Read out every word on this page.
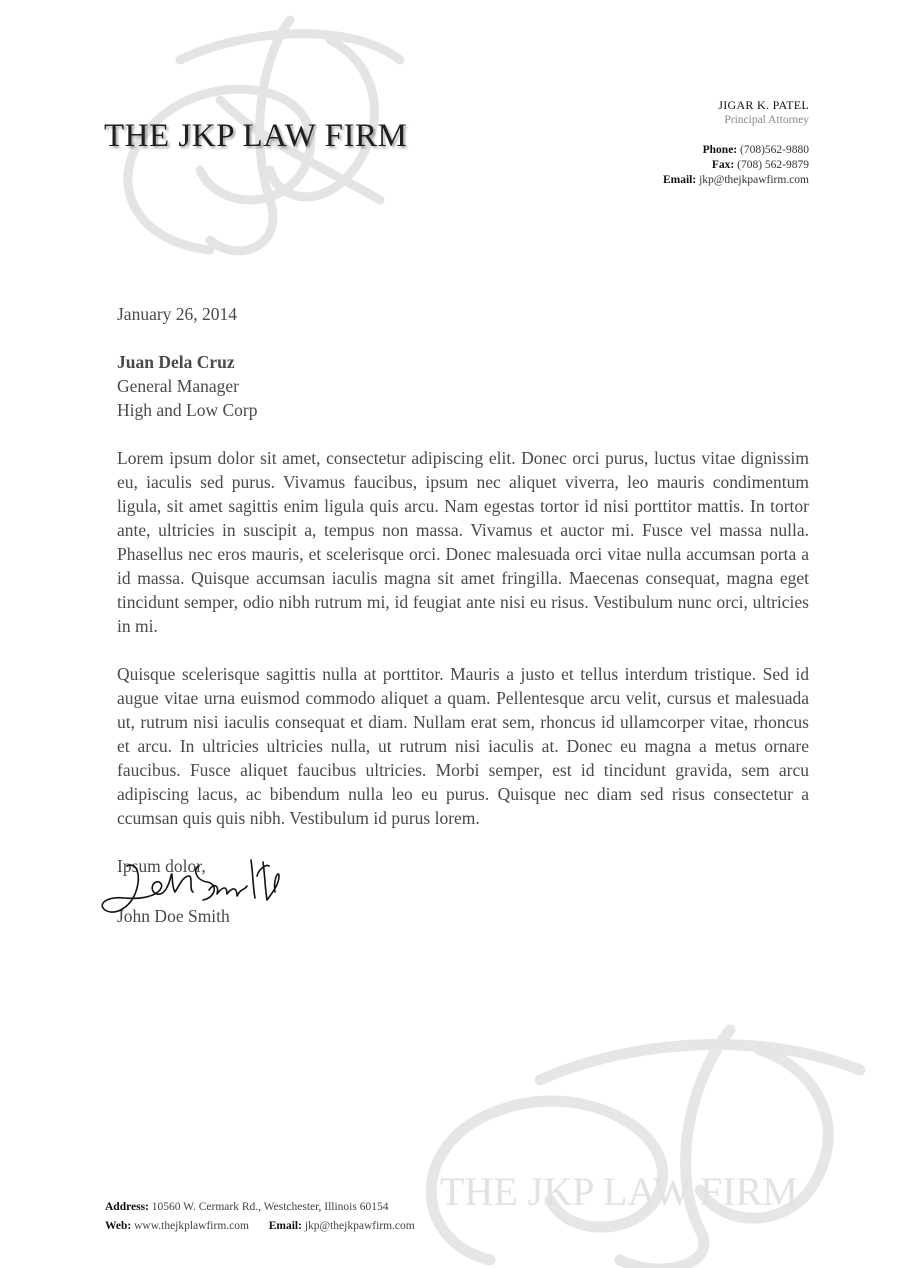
THE JKP LAW FIRM
THE JKP LAW FIRM
JIGAR K. PATEL
Principal Attorney
Phone: (708)562-9880
Fax: (708) 562-9879
Email: jkp@thejkpawfirm.com
January 26, 2014
Juan Dela Cruz
General Manager
High and Low Corp

Lorem ipsum dolor sit amet, consectetur adipiscing elit. Donec orci purus, luctus vitae dignissim eu, iaculis sed purus. Vivamus faucibus, ipsum nec aliquet viverra, leo mauris condimentum ligula, sit amet sagittis enim ligula quis arcu. Nam egestas tortor id nisi porttitor mattis. In tortor ante, ultricies in suscipit a, tempus non massa. Vivamus et auctor mi. Fusce vel massa nulla. Phasellus nec eros mauris, et scelerisque orci. Donec malesuada orci vitae nulla accumsan porta a id massa. Quisque accumsan iaculis magna sit amet fringilla. Maecenas consequat, magna eget tincidunt semper, odio nibh rutrum mi, id feugiat ante nisi eu risus. Vestibulum nunc orci, ultricies in mi.

Quisque scelerisque sagittis nulla at porttitor. Mauris a justo et tellus interdum tristique. Sed id augue vitae urna euismod commodo aliquet a quam. Pellentesque arcu velit, cursus et malesuada ut, rutrum nisi iaculis consequat et diam. Nullam erat sem, rhoncus id ullamcorper vitae, rhoncus et arcu. In ultricies ultricies nulla, ut rutrum nisi iaculis at. Donec eu magna a metus ornare faucibus. Fusce aliquet faucibus ultricies. Morbi semper, est id tincidunt gravida, sem arcu adipiscing lacus, ac bibendum nulla leo eu purus. Quisque nec diam sed risus consectetur a ccumsan quis quis nibh. Vestibulum id purus lorem.

Ipsum dolor,
John Doe Smith
Address: 10560 W. Cermark Rd., Westchester, Illinois 60154
Web: www.thejkplawfirm.com Email: jkp@thejkpawfirm.com
